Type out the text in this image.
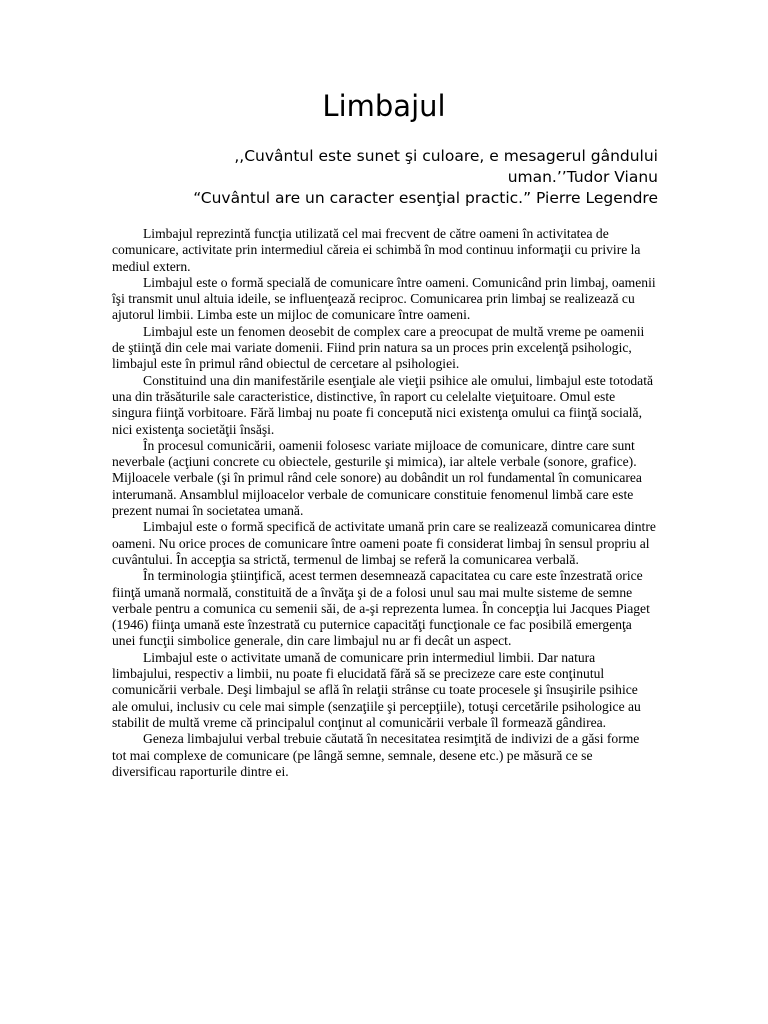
Limbajul
,,Cuvântul este sunet şi culoare, e mesagerul gândului uman.’’Tudor Vianu
“Cuvântul are un caracter esenţial practic.” Pierre Legendre

Limbajul reprezintă funcţia utilizată cel mai frecvent de către oameni în activitatea de comunicare, activitate prin intermediul căreia ei schimbă în mod continuu informaţii cu privire la mediul extern.

Limbajul este o formă specială de comunicare între oameni. Comunicând prin limbaj, oamenii îşi transmit unul altuia ideile, se influenţează reciproc. Comunicarea prin limbaj se realizează cu ajutorul limbii. Limba este un mijloc de comunicare între oameni.

Limbajul este un fenomen deosebit de complex care a preocupat de multă vreme pe oamenii de ştiinţă din cele mai variate domenii. Fiind prin natura sa un proces prin excelenţă psihologic, limbajul este în primul rând obiectul de cercetare al psihologiei.

Constituind una din manifestările esenţiale ale vieţii psihice ale omului, limbajul este totodată una din trăsăturile sale caracteristice, distinctive, în raport cu celelalte vieţuitoare. Omul este singura fiinţă vorbitoare. Fără limbaj nu poate fi concepută nici existenţa omului ca fiinţă socială, nici existenţa societăţii însăşi.

În procesul comunicării, oamenii folosesc variate mijloace de comunicare, dintre care sunt neverbale (acţiuni concrete cu obiectele, gesturile şi mimica), iar altele verbale (sonore, grafice). Mijloacele verbale (şi în primul rând cele sonore) au dobândit un rol fundamental în comunicarea interumană. Ansamblul mijloacelor verbale de comunicare constituie fenomenul limbă care este prezent numai în societatea umană.

Limbajul este o formă specifică de activitate umană prin care se realizează comunicarea dintre oameni. Nu orice proces de comunicare între oameni poate fi considerat limbaj în sensul propriu al cuvântului. În accepţia sa strictă, termenul de limbaj se referă la comunicarea verbală.

În terminologia ştiinţifică, acest termen desemnează capacitatea cu care este înzestrată orice fiinţă umană normală, constituită de a învăţa şi de a folosi unul sau mai multe sisteme de semne verbale pentru a comunica cu semenii săi, de a-şi reprezenta lumea. În concepţia lui Jacques Piaget (1946) fiinţa umană este înzestrată cu puternice capacităţi funcţionale ce fac posibilă emergenţa unei funcţii simbolice generale, din care limbajul nu ar fi decât un aspect.

Limbajul este o activitate umană de comunicare prin intermediul limbii. Dar natura limbajului, respectiv a limbii, nu poate fi elucidată fără să se precizeze care este conţinutul comunicării verbale. Deşi limbajul se află în relaţii strânse cu toate procesele şi însuşirile psihice ale omului, inclusiv cu cele mai simple (senzaţiile şi percepţiile), totuşi cercetările psihologice au stabilit de multă vreme că principalul conţinut al comunicării verbale îl formează gândirea.

Geneza limbajului verbal trebuie căutată în necesitatea resimţită de indivizi de a găsi forme tot mai complexe de comunicare (pe lângă semne, semnale, desene etc.) pe măsură ce se diversificau raporturile dintre ei.
